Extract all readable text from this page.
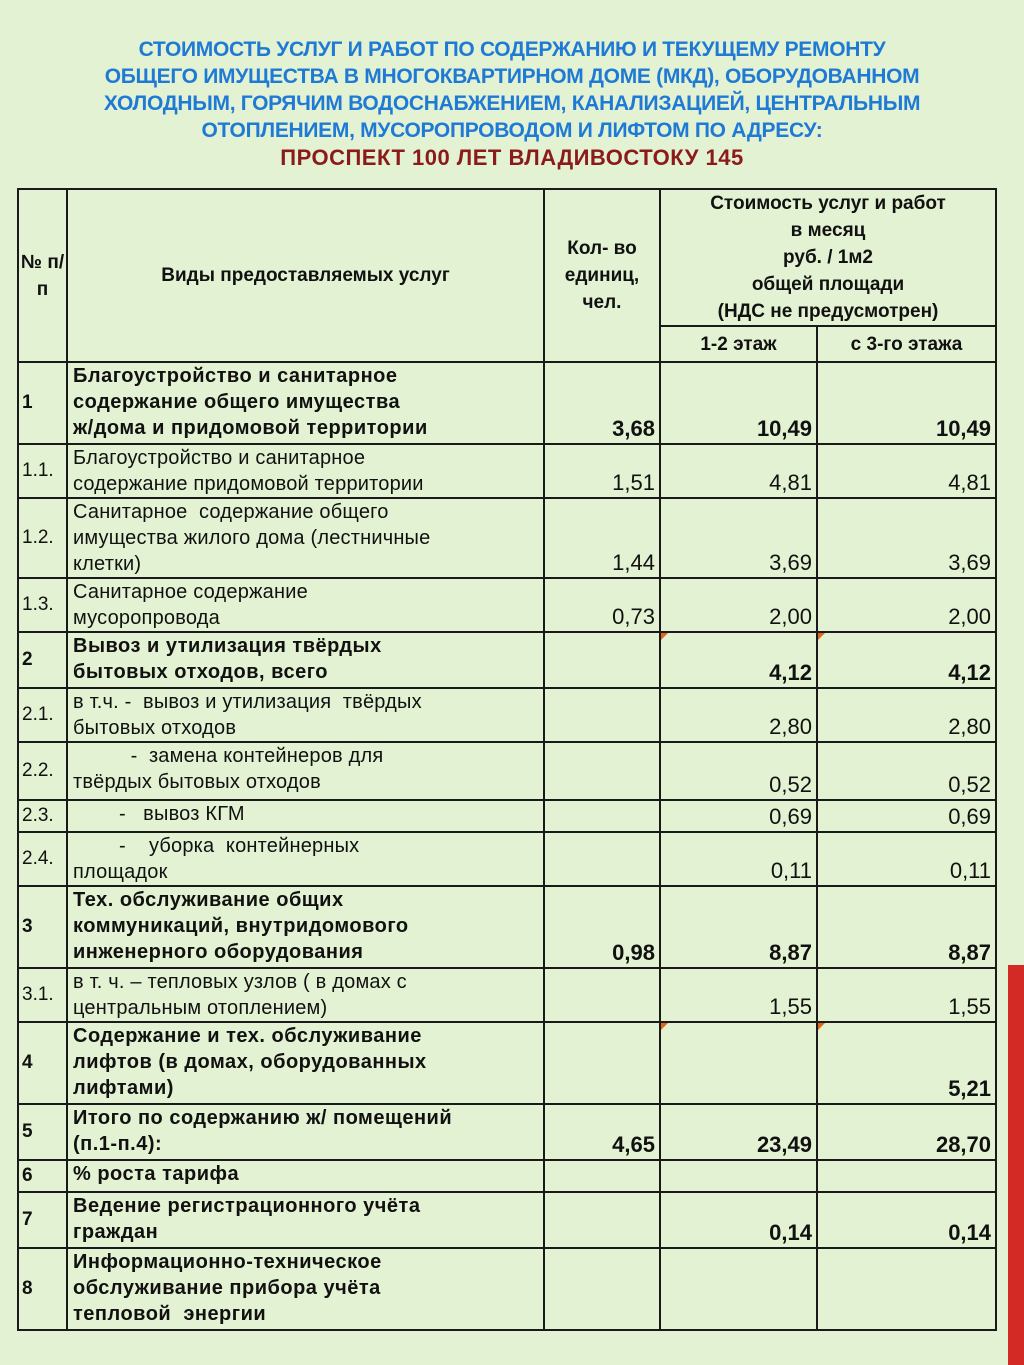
СТОИМОСТЬ УСЛУГ И РАБОТ ПО СОДЕРЖАНИЮ И ТЕКУЩЕМУ РЕМОНТУ
ОБЩЕГО ИМУЩЕСТВА В МНОГОКВАРТИРНОМ ДОМЕ (МКД), ОБОРУДОВАННОМ
ХОЛОДНЫМ, ГОРЯЧИМ ВОДОСНАБЖЕНИЕМ, КАНАЛИЗАЦИЕЙ, ЦЕНТРАЛЬНЫМ
ОТОПЛЕНИЕМ, МУСОРОПРОВОДОМ И ЛИФТОМ ПО АДРЕСУ:
ПРОСПЕКТ 100 ЛЕТ ВЛАДИВОСТОКУ 145
№ п/п	Виды предоставляемых услуг	Кол- во единиц, чел.	Стоимость услуг и работ
в месяц
руб. / 1м2
общей площади
(НДС не предусмотрен)	

			1-2 этаж	с 3-го этажа
1	Благоустройство и санитарное
содержание общего имущества
ж/дома и придомовой территории	3,68	10,49	10,49
1.1.	Благоустройство и санитарное
содержание придомовой территории	1,51	4,81	4,81
1.2.	Санитарное  содержание общего
имущества жилого дома (лестничные
клетки)	1,44	3,69	3,69
1.3.	Санитарное содержание
мусоропровода	0,73	2,00	2,00
2	Вывоз и утилизация твёрдых
бытовых отходов, всего		4,12	4,12
2.1.	в т.ч. -  вывоз и утилизация  твёрдых
бытовых отходов		2,80	2,80
2.2.	-  замена контейнеров для
твёрдых бытовых отходов		0,52	0,52
2.3.	-   вывоз КГМ		0,69	0,69
2.4.	-    уборка  контейнерных
площадок		0,11	0,11
3	Тех. обслуживание общих
коммуникаций, внутридомового
инженерного оборудования	0,98	8,87	8,87
3.1.	в т. ч. – тепловых узлов ( в домах с
центральным отоплением)		1,55	1,55
4	Содержание и тех. обслуживание
лифтов (в домах, оборудованных
лифтами)			5,21
5	Итого по содержанию ж/ помещений
(п.1-п.4):	4,65	23,49	28,70
6	% роста тарифа			

7	Ведение регистрационного учёта
граждан		0,14	0,14
8	Информационно-техническое
обслуживание прибора учёта
тепловой  энергии			
